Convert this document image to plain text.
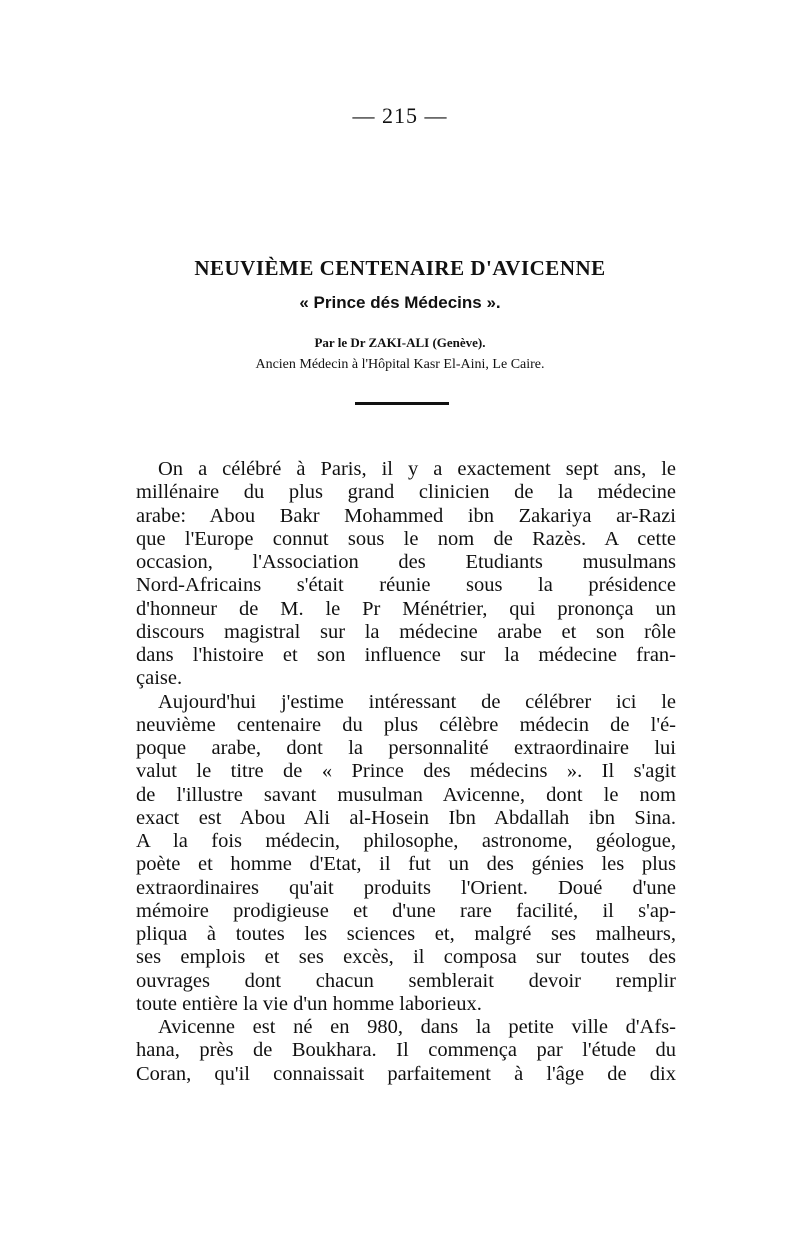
— 215 —
NEUVIÈME CENTENAIRE D'AVICENNE
« Prince dés Médecins ».
Par le Dr ZAKI-ALI (Genève).
Ancien Médecin à l'Hôpital Kasr El-Aini, Le Caire.
On a célébré à Paris, il y a exactement sept ans, le
millénaire du plus grand clinicien de la médecine
arabe: Abou Bakr Mohammed ibn Zakariya ar-Razi
que l'Europe connut sous le nom de Razès. A cette
occasion, l'Association des Etudiants musulmans
Nord-Africains s'était réunie sous la présidence
d'honneur de M. le Pr Ménétrier, qui prononça un
discours magistral sur la médecine arabe et son rôle
dans l'histoire et son influence sur la médecine fran-
çaise.
Aujourd'hui j'estime intéressant de célébrer ici le
neuvième centenaire du plus célèbre médecin de l'é-
poque arabe, dont la personnalité extraordinaire lui
valut le titre de « Prince des médecins ». Il s'agit
de l'illustre savant musulman Avicenne, dont le nom
exact est Abou Ali al-Hosein Ibn Abdallah ibn Sina.
A la fois médecin, philosophe, astronome, géologue,
poète et homme d'Etat, il fut un des génies les plus
extraordinaires qu'ait produits l'Orient. Doué d'une
mémoire prodigieuse et d'une rare facilité, il s'ap-
pliqua à toutes les sciences et, malgré ses malheurs,
ses emplois et ses excès, il composa sur toutes des
ouvrages dont chacun semblerait devoir remplir
toute entière la vie d'un homme laborieux.
Avicenne est né en 980, dans la petite ville d'Afs-
hana, près de Boukhara. Il commença par l'étude du
Coran, qu'il connaissait parfaitement à l'âge de dix
